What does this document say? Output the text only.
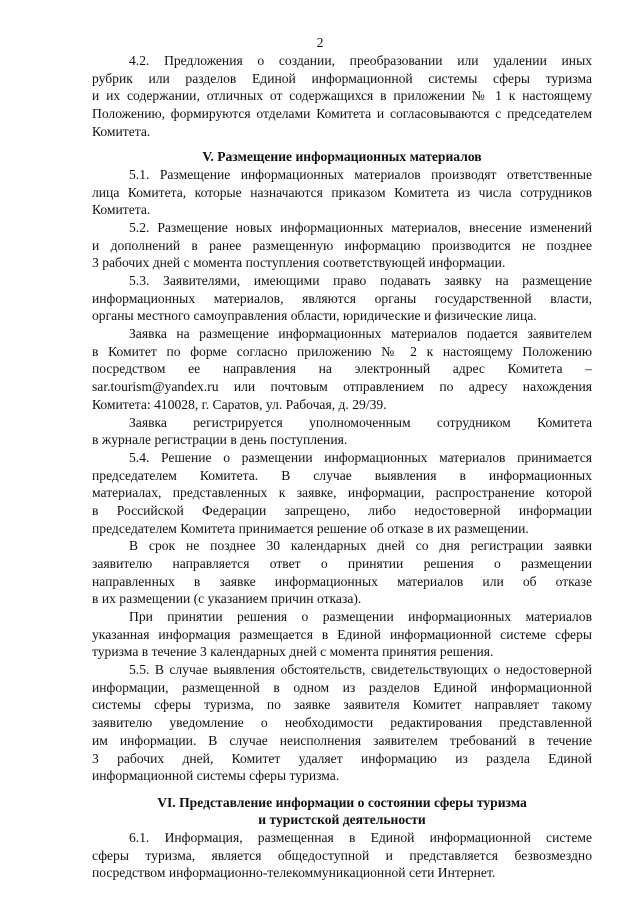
2
4.2. Предложения о создании, преобразовании или удалении иных
рубрик или разделов Единой информационной системы сферы туризма
и их содержании, отличных от содержащихся в приложении № 1 к настоящему
Положению, формируются отделами Комитета и согласовываются с председателем
Комитета.
V. Размещение информационных материалов
5.1. Размещение информационных материалов производят ответственные
лица Комитета, которые назначаются приказом Комитета из числа сотрудников
Комитета.
5.2. Размещение новых информационных материалов, внесение изменений
и дополнений в ранее размещенную информацию производится не позднее
3 рабочих дней с момента поступления соответствующей информации.
5.3. Заявителями, имеющими право подавать заявку на размещение
информационных материалов, являются органы государственной власти,
органы местного самоуправления области, юридические и физические лица.
Заявка на размещение информационных материалов подается заявителем
в Комитет по форме согласно приложению № 2 к настоящему Положению
посредством ее направления на электронный адрес Комитета –
sar.tourism@yandex.ru или почтовым отправлением по адресу нахождения
Комитета: 410028, г. Саратов, ул. Рабочая, д. 29/39.
Заявка регистрируется уполномоченным сотрудником Комитета
в журнале регистрации в день поступления.
5.4. Решение о размещении информационных материалов принимается
председателем Комитета. В случае выявления в информационных
материалах, представленных к заявке, информации, распространение которой
в Российской Федерации запрещено, либо недостоверной информации
председателем Комитета принимается решение об отказе в их размещении.
В срок не позднее 30 календарных дней со дня регистрации заявки
заявителю направляется ответ о принятии решения о размещении
направленных в заявке информационных материалов или об отказе
в их размещении (с указанием причин отказа).
При принятии решения о размещении информационных материалов
указанная информация размещается в Единой информационной системе сферы
туризма в течение 3 календарных дней с момента принятия решения.
5.5. В случае выявления обстоятельств, свидетельствующих о недостоверной
информации, размещенной в одном из разделов Единой информационной
системы сферы туризма, по заявке заявителя Комитет направляет такому
заявителю уведомление о необходимости редактирования представленной
им информации. В случае неисполнения заявителем требований в течение
3 рабочих дней, Комитет удаляет информацию из раздела Единой
информационной системы сферы туризма.
VI. Представление информации о состоянии сферы туризма
и туристской деятельности
6.1. Информация, размещенная в Единой информационной системе
сферы туризма, является общедоступной и представляется безвозмездно
посредством информационно-телекоммуникационной сети Интернет.
